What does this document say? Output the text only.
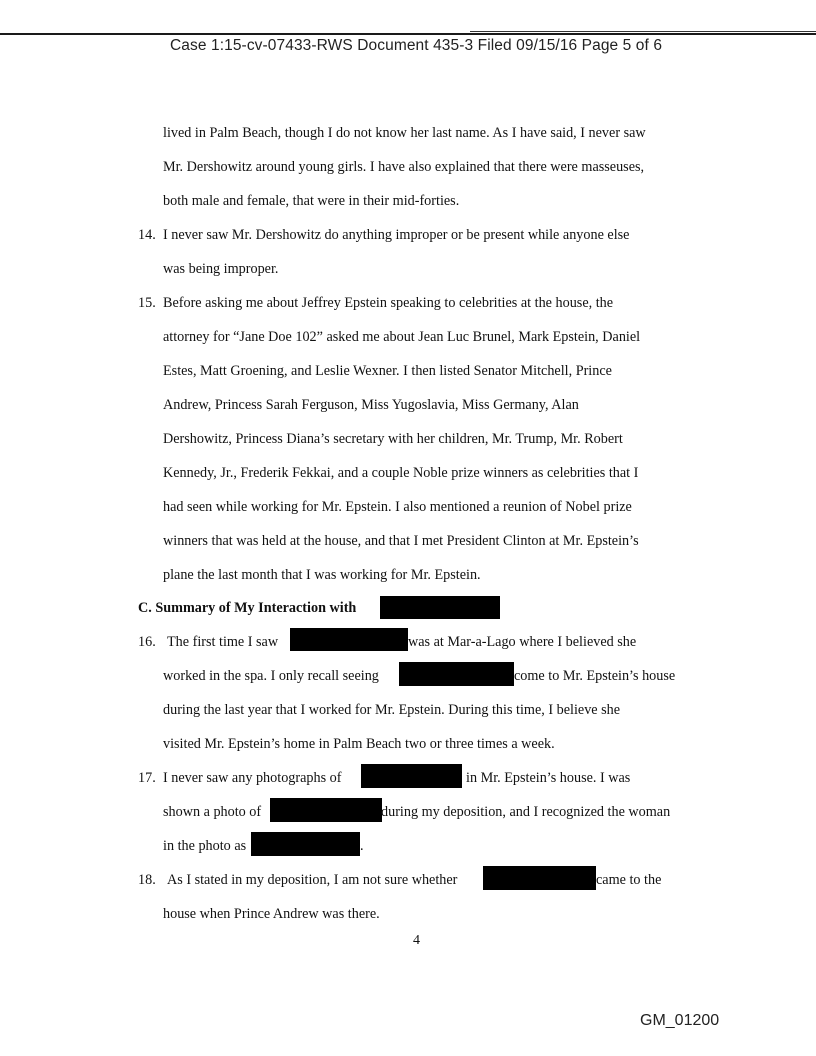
Case 1:15-cv-07433-RWS Document 435-3 Filed 09/15/16 Page 5 of 6
lived in Palm Beach, though I do not know her last name. As I have said, I never saw
Mr. Dershowitz around young girls. I have also explained that there were masseuses,
both male and female, that were in their mid-forties.
14. I never saw Mr. Dershowitz do anything improper or be present while anyone else
was being improper.
15. Before asking me about Jeffrey Epstein speaking to celebrities at the house, the
attorney for “Jane Doe 102” asked me about Jean Luc Brunel, Mark Epstein, Daniel
Estes, Matt Groening, and Leslie Wexner. I then listed Senator Mitchell, Prince
Andrew, Princess Sarah Ferguson, Miss Yugoslavia, Miss Germany, Alan
Dershowitz, Princess Diana’s secretary with her children, Mr. Trump, Mr. Robert
Kennedy, Jr., Frederik Fekkai, and a couple Noble prize winners as celebrities that I
had seen while working for Mr. Epstein. I also mentioned a reunion of Nobel prize
winners that was held at the house, and that I met President Clinton at Mr. Epstein’s
plane the last month that I was working for Mr. Epstein.
C. Summary of My Interaction with
16. The first time I saw	was at Mar-a-Lago where I believed she
worked in the spa. I only recall seeing	come to Mr. Epstein’s house
during the last year that I worked for Mr. Epstein. During this time, I believe she
visited Mr. Epstein’s home in Palm Beach two or three times a week.
17. I never saw any photographs of	in Mr. Epstein’s house. I was
shown a photo of	during my deposition, and I recognized the woman
in the photo as	.
18. As I stated in my deposition, I am not sure whether	came to the
house when Prince Andrew was there.
4
GM_01200
